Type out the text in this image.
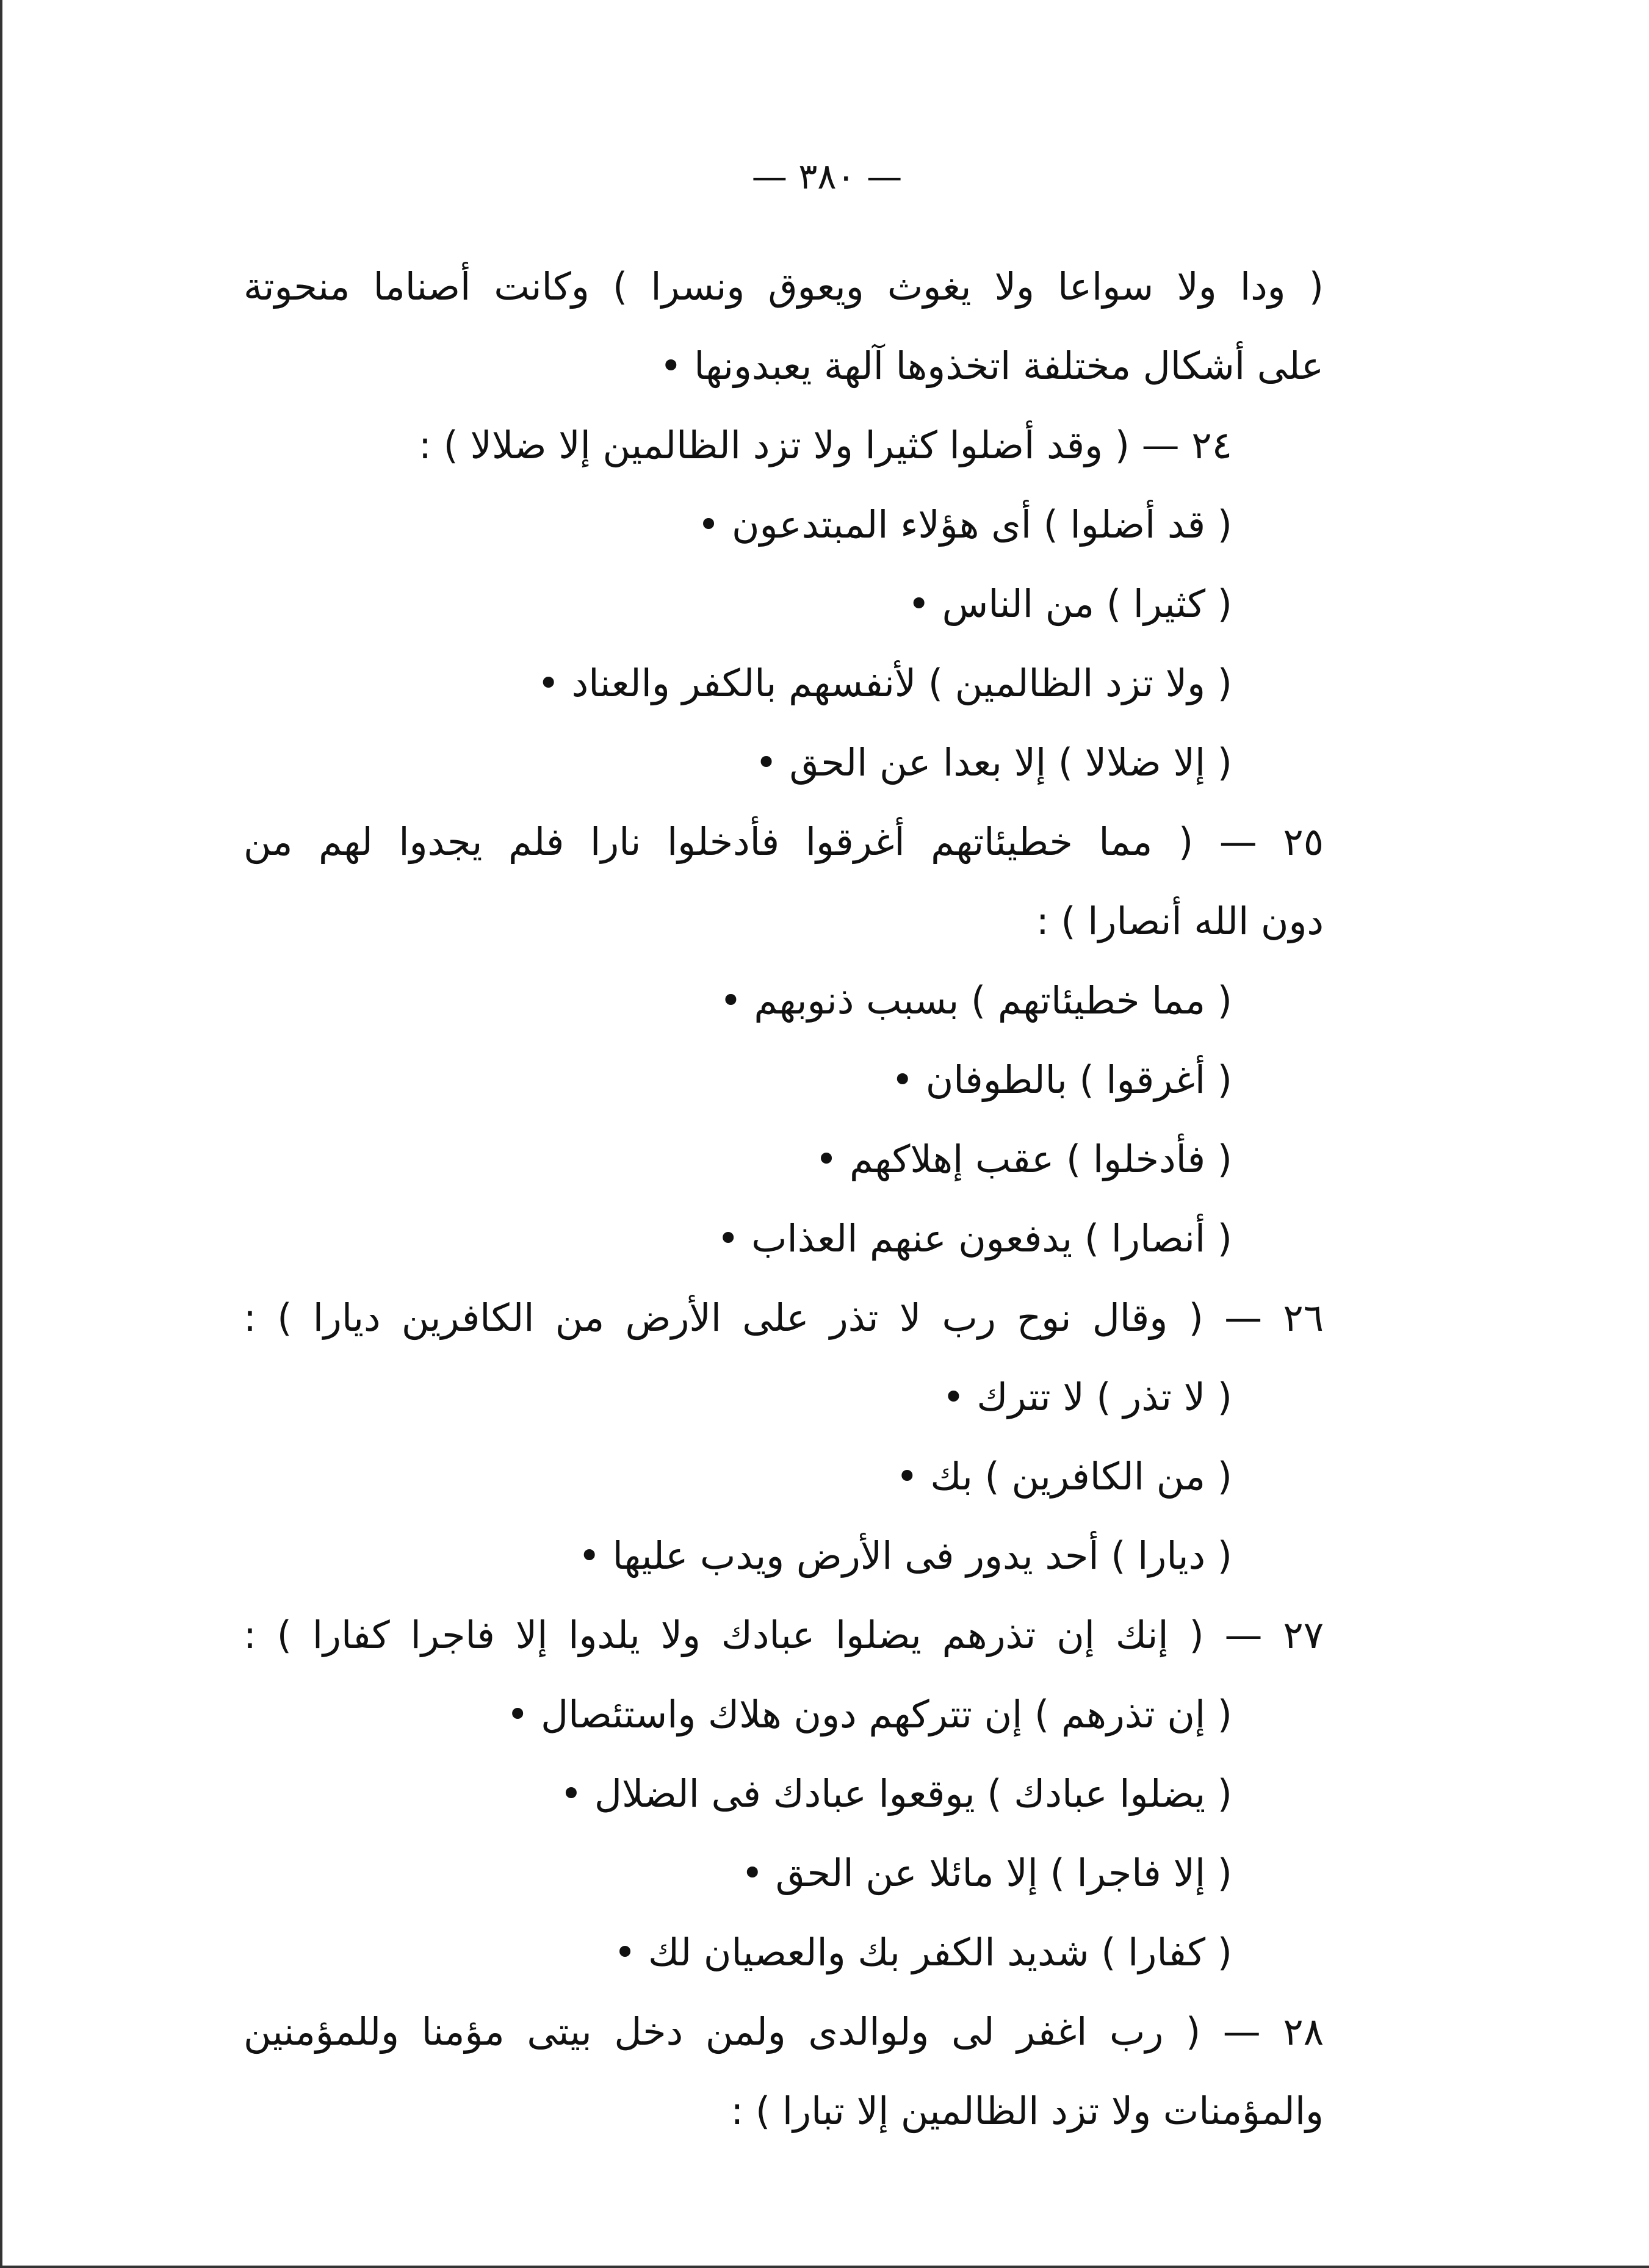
— ٣٨٠ —
( ودا ولا سواعا ولا يغوث ويعوق ونسرا ) وكانت أصناما منحوتة
على أشكال مختلفة اتخذوها آلهة يعبدونها •
٢٤ — ( وقد أضلوا كثيرا ولا تزد الظالمين إلا ضلالا ) :
( قد أضلوا ) أى هؤلاء المبتدعون •
( كثيرا ) من الناس •
( ولا تزد الظالمين ) لأنفسهم بالكفر والعناد •
( إلا ضلالا ) إلا بعدا عن الحق •
٢٥ — ( مما خطيئاتهم أغرقوا فأدخلوا نارا فلم يجدوا لهم من
دون الله أنصارا ) :
( مما خطيئاتهم ) بسبب ذنوبهم •
( أغرقوا ) بالطوفان •
( فأدخلوا ) عقب إهلاكهم •
( أنصارا ) يدفعون عنهم العذاب •
٢٦ — ( وقال نوح رب لا تذر على الأرض من الكافرين ديارا ) :
( لا تذر ) لا تترك •
( من الكافرين ) بك •
( ديارا ) أحد يدور فى الأرض ويدب عليها •
٢٧ — ( إنك إن تذرهم يضلوا عبادك ولا يلدوا إلا فاجرا كفارا ) :
( إن تذرهم ) إن تتركهم دون هلاك واستئصال •
( يضلوا عبادك ) يوقعوا عبادك فى الضلال •
( إلا فاجرا ) إلا مائلا عن الحق •
( كفارا ) شديد الكفر بك والعصيان لك •
٢٨ — ( رب اغفر لى ولوالدى ولمن دخل بيتى مؤمنا وللمؤمنين
والمؤمنات ولا تزد الظالمين إلا تبارا ) :
